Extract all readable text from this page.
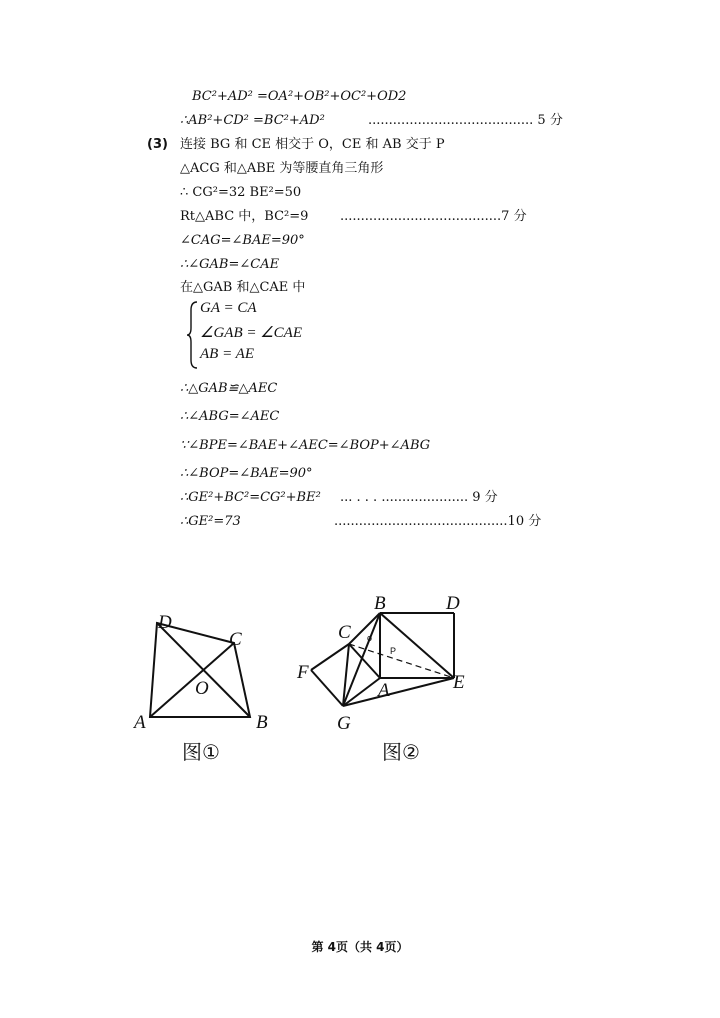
BC²+AD² =OA²+OB²+OC²+OD2
∴AB²+CD² =BC²+AD²	........................................ 5 分
(3) 连接 BG 和 CE 相交于 O，CE 和 AB 交于 P
△ACG 和△ABE 为等腰直角三角形
∴ CG²=32 BE²=50
Rt△ABC 中，BC²=9 .......................................7 分
∠CAG=∠BAE=90°
∴∠GAB=∠CAE
在△GAB 和△CAE 中
GA = CA
∠GAB = ∠CAE
AB = AE
∴△GAB≌△AEC
∴∠ABG=∠AEC
∵∠BPE=∠BAE+∠AEC=∠BOP+∠ABG
∴∠BOP=∠BAE=90°
∴GE²+BC²=CG²+BE² ... . . . ..................... 9 分
∴GE²=73	..........................................10 分
D
C
O
A	B
图①
B	D
C
F
A	E
G
o
P
图②
第 4页（共 4页）
